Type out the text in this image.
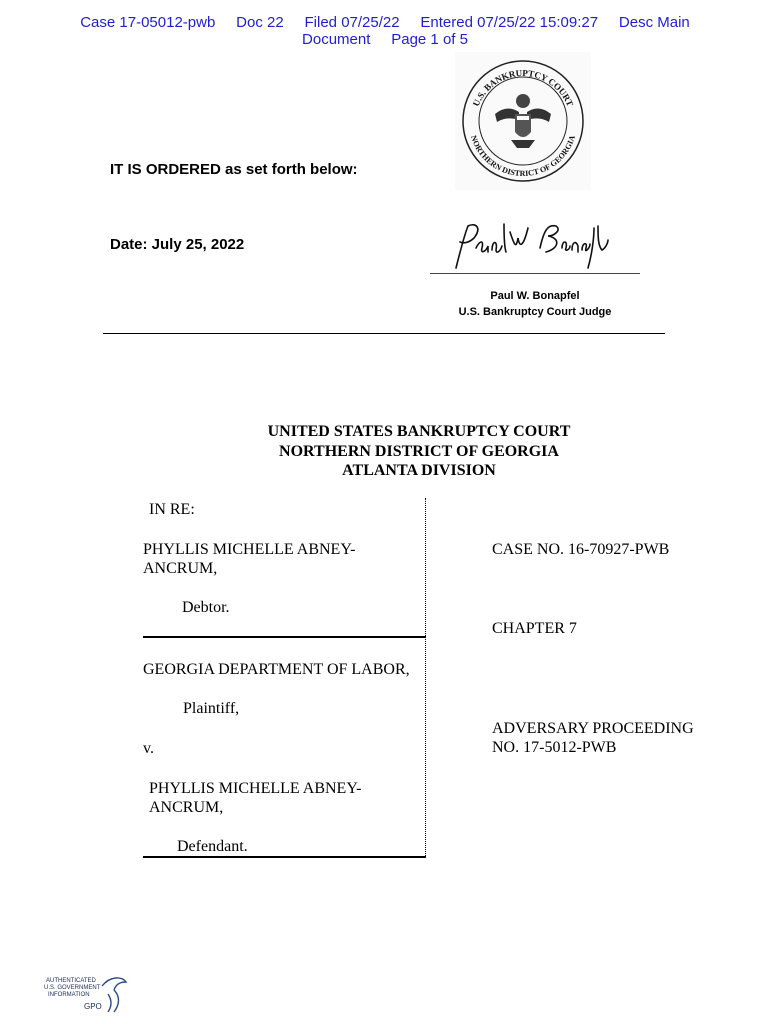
Case 17-05012-pwb     Doc 22     Filed 07/25/22     Entered 07/25/22 15:09:27     Desc Main
Document     Page 1 of 5
U.S. BANKRUPTCY COURT
NORTHERN DISTRICT OF GEORGIA
IT IS ORDERED as set forth below:
Date: July 25, 2022
Paul W. Bonapfel
U.S. Bankruptcy Court Judge
UNITED STATES BANKRUPTCY COURT
NORTHERN DISTRICT OF GEORGIA
ATLANTA DIVISION
IN RE:
PHYLLIS MICHELLE ABNEY-
ANCRUM,
Debtor.
GEORGIA DEPARTMENT OF LABOR,
Plaintiff,
v.
PHYLLIS MICHELLE ABNEY-
ANCRUM,
Defendant.
CASE NO. 16-70927-PWB
CHAPTER 7
ADVERSARY PROCEEDING
NO. 17-5012-PWB
AUTHENTICATED
U.S. GOVERNMENT
INFORMATION
GPO
